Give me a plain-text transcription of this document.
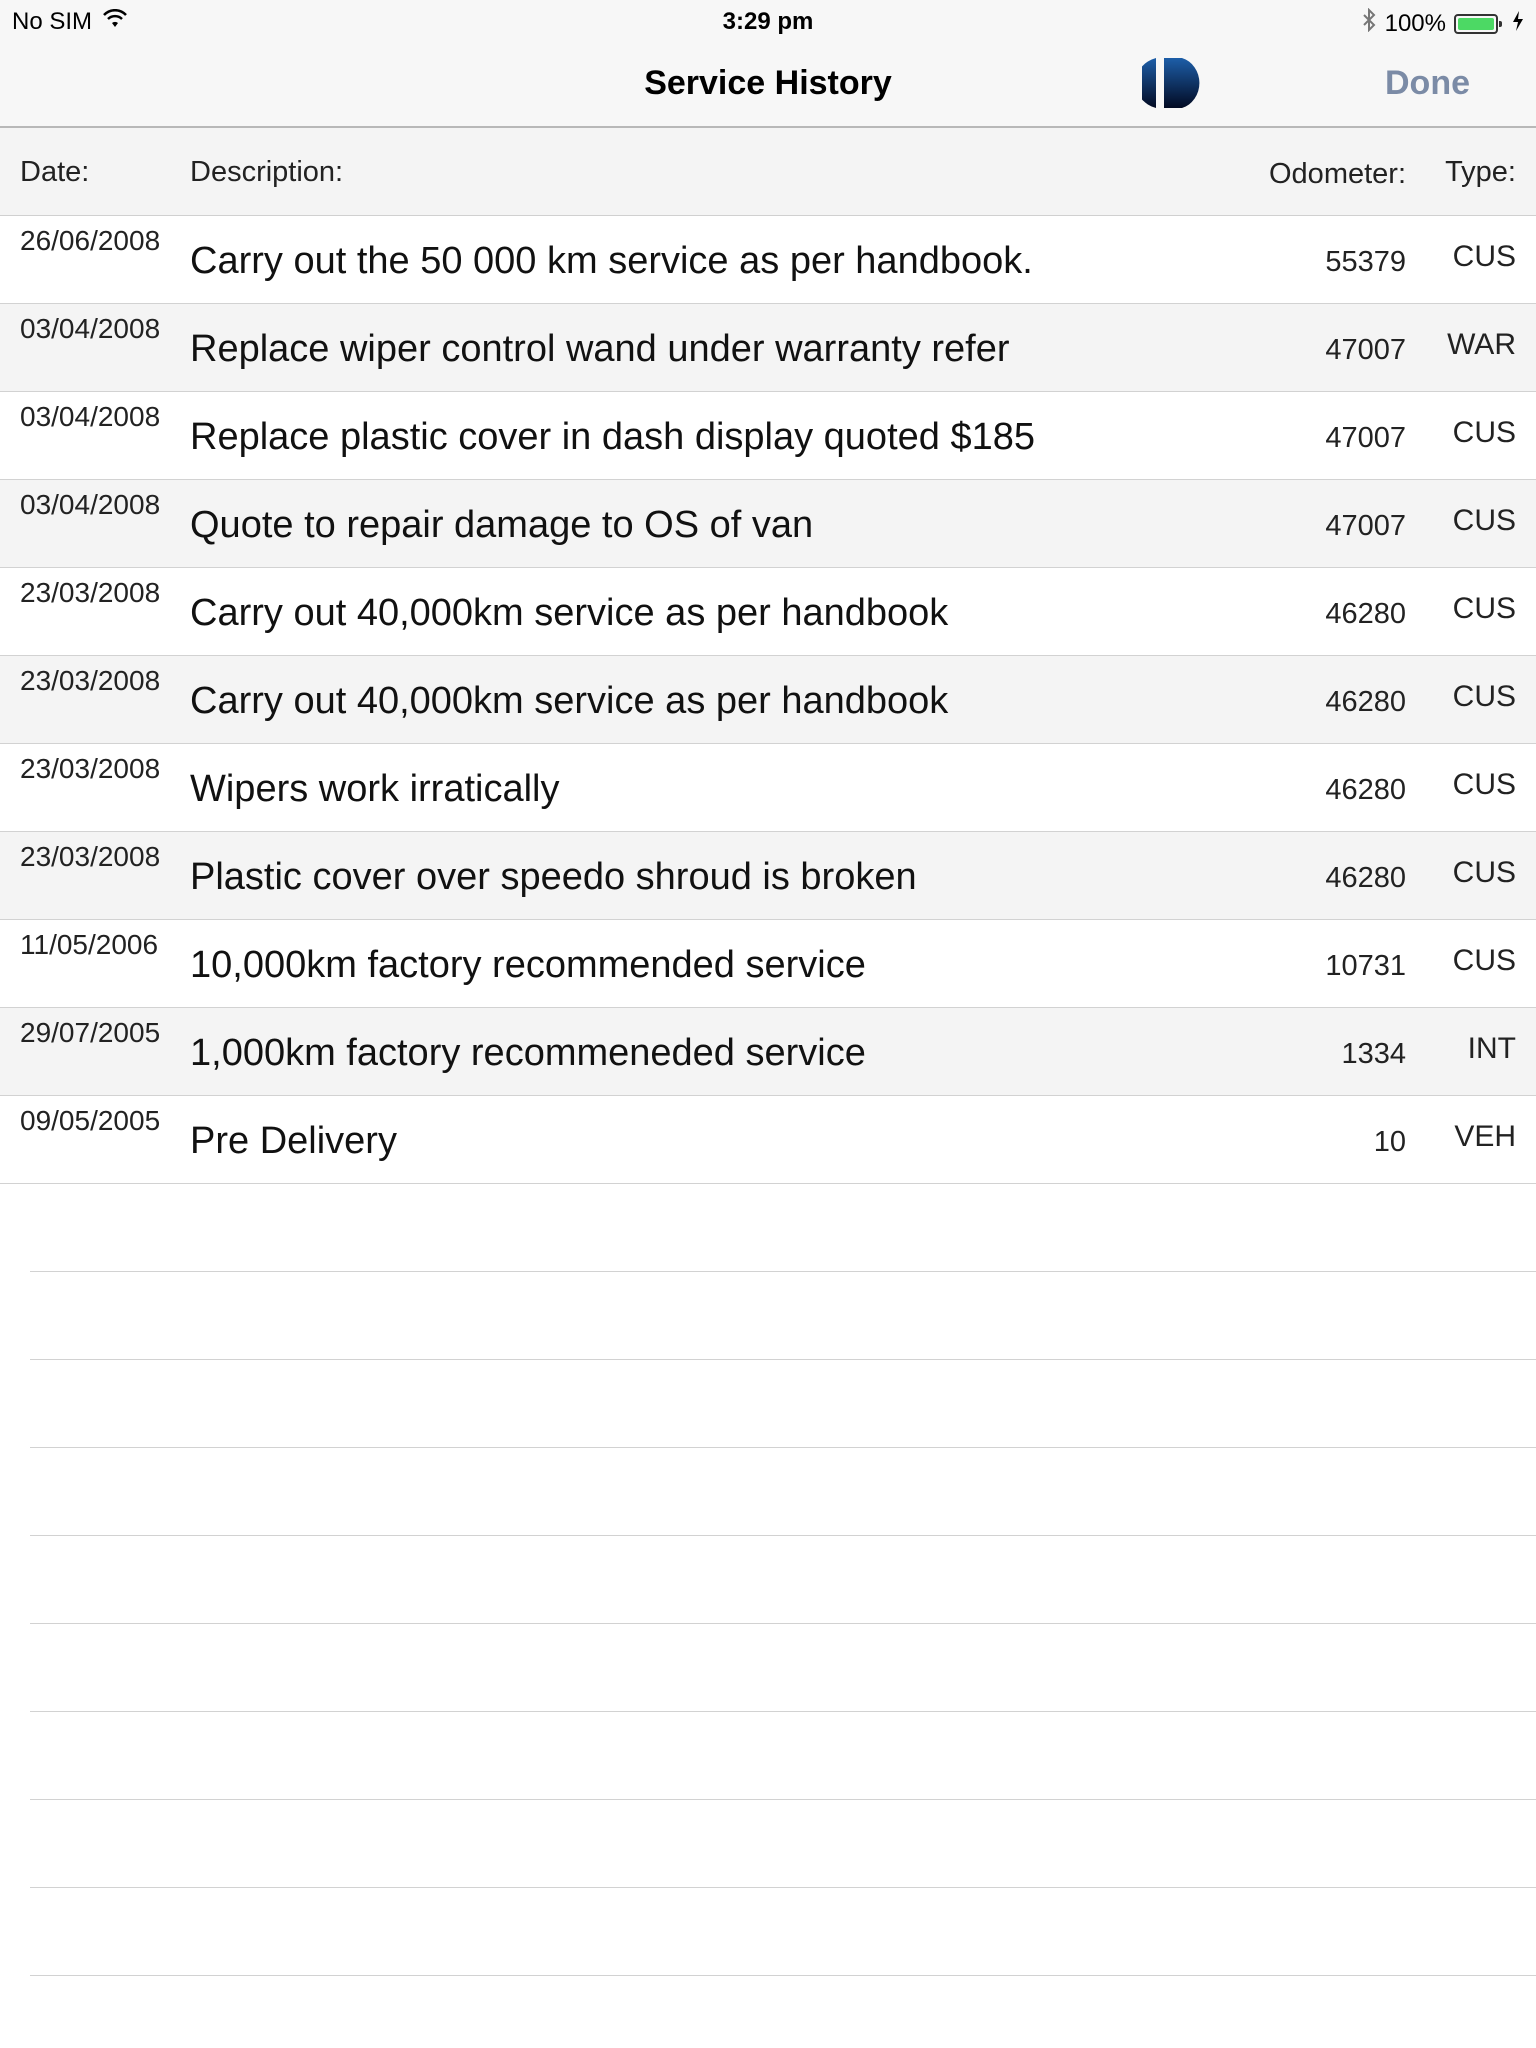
No SIM	3:29 pm	100%
Service History	Done
Date:	Description:	Odometer: Type:
26/06/2008 Carry out the 50 000 km service as per handbook.	55379 CUS
03/04/2008 Replace wiper control wand under warranty refer	47007 WAR
03/04/2008 Replace plastic cover in dash display quoted $185	47007 CUS
03/04/2008 Quote to repair damage to OS of van	47007 CUS
23/03/2008 Carry out 40,000km service as per handbook	46280 CUS
23/03/2008 Carry out 40,000km service as per handbook	46280 CUS
23/03/2008 Wipers work irratically	46280 CUS
23/03/2008 Plastic cover over speedo shroud is broken	46280 CUS
11/05/2006 10,000km factory recommended service	10731 CUS
29/07/2005 1,000km factory recommeneded service	1334 INT
09/05/2005 Pre Delivery	10 VEH
